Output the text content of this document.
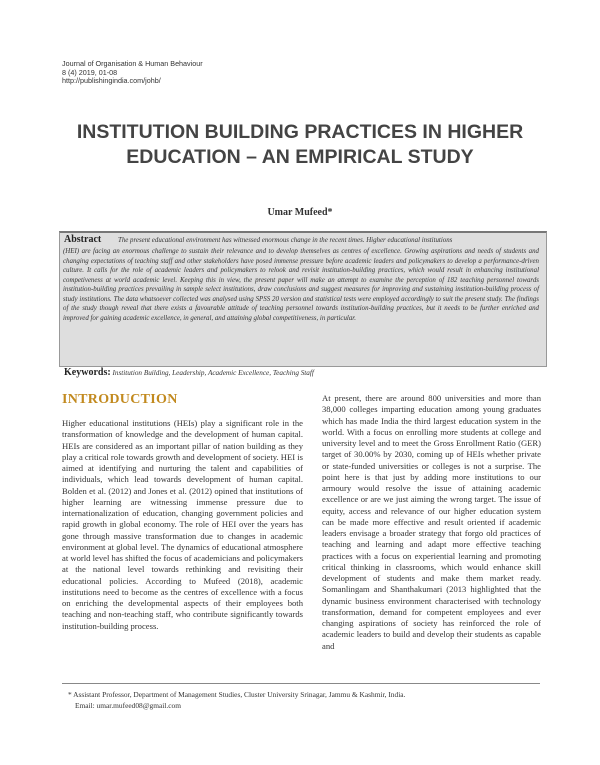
Journal of Organisation & Human Behaviour
8 (4) 2019, 01-08
http://publishingindia.com/johb/
INSTITUTION BUILDING PRACTICES IN HIGHER EDUCATION – AN EMPIRICAL STUDY
Umar Mufeed*
Abstract The present educational environment has witnessed enormous change in the recent times. Higher educational institutions
(HEI) are facing an enormous challenge to sustain their relevance and to develop themselves as centres of excellence. Growing aspirations and needs of students and changing expectations of teaching staff and other stakeholders have posed immense pressure before academic leaders and policymakers to develop a performance-driven culture. It calls for the role of academic leaders and policymakers to relook and revisit institution-building practices, which would result in enhancing institutional competiveness at world academic level. Keeping this in view, the present paper will make an attempt to examine the perception of 182 teaching personnel towards institution-building practices prevailing in sample select institutions, draw conclusions and suggest measures for improving and sustaining institution-building process of study institutions. The data whatsoever collected was analysed using SPSS 20 version and statistical tests were employed accordingly to suit the present study. The findings of the study though reveal that there exists a favourable attitude of teaching personnel towards institution-building practices, but it needs to be further enriched and improved for gaining academic excellence, in general, and attaining global competitiveness, in particular.
Keywords: Institution Building, Leadership, Academic Excellence, Teaching Staff
INTRODUCTION
Higher educational institutions (HEIs) play a significant role in the transformation of knowledge and the development of human capital. HEIs are considered as an important pillar of nation building as they play a critical role towards growth and development of society. HEI is aimed at identifying and nurturing the talent and capabilities of individuals, which lead towards development of human capital. Bolden et al. (2012) and Jones et al. (2012) opined that institutions of higher learning are witnessing immense pressure due to internationalization of education, changing government policies and rapid growth in global economy. The role of HEI over the years has gone through massive transformation due to changes in academic environment at global level. The dynamics of educational atmosphere at world level has shifted the focus of academicians and policymakers at the national level towards rethinking and revisiting their educational policies. According to Mufeed (2018), academic institutions need to become as the centres of excellence with a focus on enriching the developmental aspects of their employees both teaching and non-teaching staff, who contribute significantly towards institution-building process.
At present, there are around 800 universities and more than 38,000 colleges imparting education among young graduates which has made India the third largest education system in the world. With a focus on enrolling more students at college and university level and to meet the Gross Enrollment Ratio (GER) target of 30.00% by 2030, coming up of HEIs whether private or state-funded universities or colleges is not a surprise. The point here is that just by adding more institutions to our armoury would resolve the issue of attaining academic excellence or are we just aiming the wrong target. The issue of equity, access and relevance of our higher education system can be made more effective and result oriented if academic leaders envisage a broader strategy that forgo old practices of teaching and learning and adapt more effective teaching practices with a focus on experiential learning and promoting critical thinking in classrooms, which would enhance skill development of students and make them market ready. Somanlingam and Shanthakumari (2013 highlighted that the dynamic business environment characterised with technology transformation, demand for competent employees and ever changing aspirations of society has reinforced the role of academic leaders to build and develop their students as capable and
* Assistant Professor, Department of Management Studies, Cluster University Srinagar, Jammu & Kashmir, India.
Email: umar.mufeed08@gmail.com
